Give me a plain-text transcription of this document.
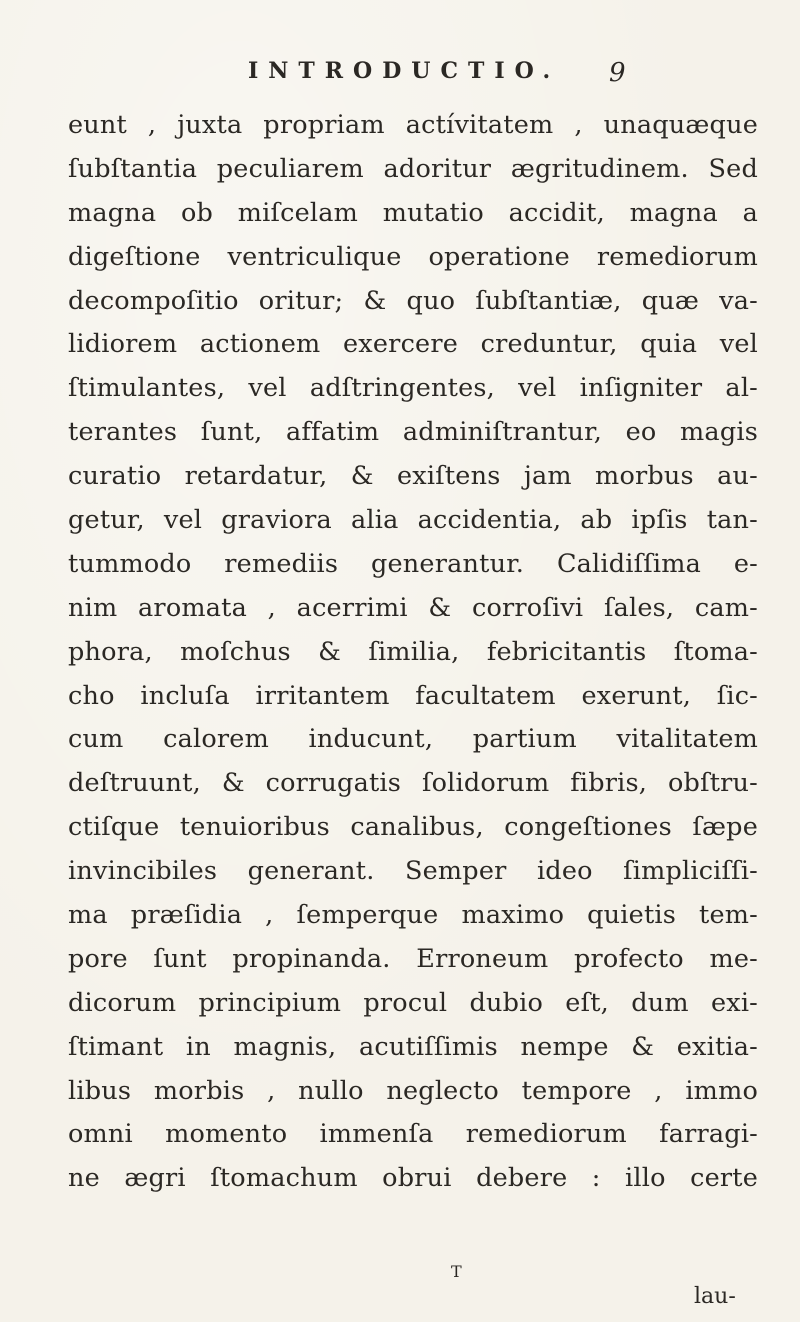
INTRODUCTIO. 9
eunt , juxta propriam actívitatem , unaquæque
ſubſtantia peculiarem adoritur ægritudinem. Sed
magna ob miſcelam mutatio accidit, magna a
digeſtione ventriculique operatione remediorum
decompoſitio oritur; & quo ſubſtantiæ, quæ va-
lidiorem actionem exercere creduntur, quia vel
ſtimulantes, vel adſtringentes, vel inſigniter al-
terantes ſunt, affatim adminiſtrantur, eo magis
curatio retardatur, & exiſtens jam morbus au-
getur, vel graviora alia accidentia, ab ipſis tan-
tummodo remediis generantur. Calidiſſima e-
nim aromata , acerrimi & corroſivi ſales, cam-
phora, moſchus & ſimilia, febricitantis ſtoma-
cho incluſa irritantem facultatem exerunt, ſic-
cum calorem inducunt, partium vitalitatem
deſtruunt, & corrugatis ſolidorum fibris, obſtru-
ctiſque tenuioribus canalibus, congeſtiones ſæpe
invincibiles generant. Semper ideo ſimpliciſſi-
ma præſidia , ſemperque maximo quietis tem-
pore ſunt propinanda. Erroneum profecto me-
dicorum principium procul dubio eſt, dum exi-
ſtimant in magnis, acutiſſimis nempe & exitia-
libus morbis , nullo neglecto tempore , immo
omni momento immenſa remediorum farragi-
ne ægri ſtomachum obrui debere : illo certe
T
lau-
